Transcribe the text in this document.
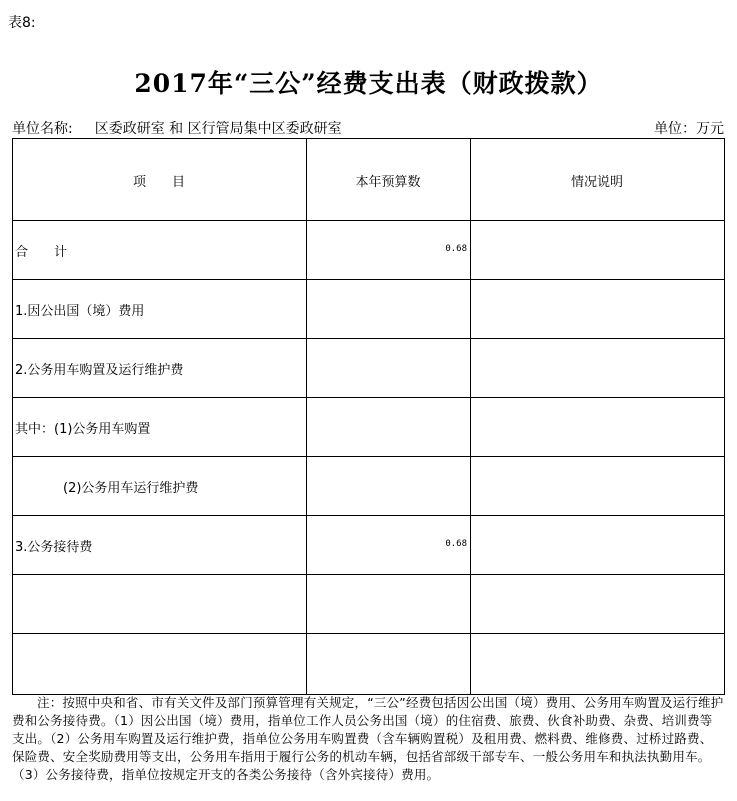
表8:
2017年“三公”经费支出表（财政拨款）
单位名称: 区委政研室 和 区行管局集中区委政研室	单位：万元
项　　目	本年预算数	情况说明
合　　计	0.68
1.因公出国（境）费用
2.公务用车购置及运行维护费
其中：(1)公务用车购置
(2)公务用车运行维护费
3.公务接待费	0.68
注：按照中央和省、市有关文件及部门预算管理有关规定，“三公”经费包括因公出国（境）费用、公务用车购置及运行维护费和公务接待费。（1）因公出国（境）费用，指单位工作人员公务出国（境）的住宿费、旅费、伙食补助费、杂费、培训费等支出。（2）公务用车购置及运行维护费，指单位公务用车购置费（含车辆购置税）及租用费、燃料费、维修费、过桥过路费、保险费、安全奖励费用等支出，公务用车指用于履行公务的机动车辆，包括省部级干部专车、一般公务用车和执法执勤用车。（3）公务接待费，指单位按规定开支的各类公务接待（含外宾接待）费用。
